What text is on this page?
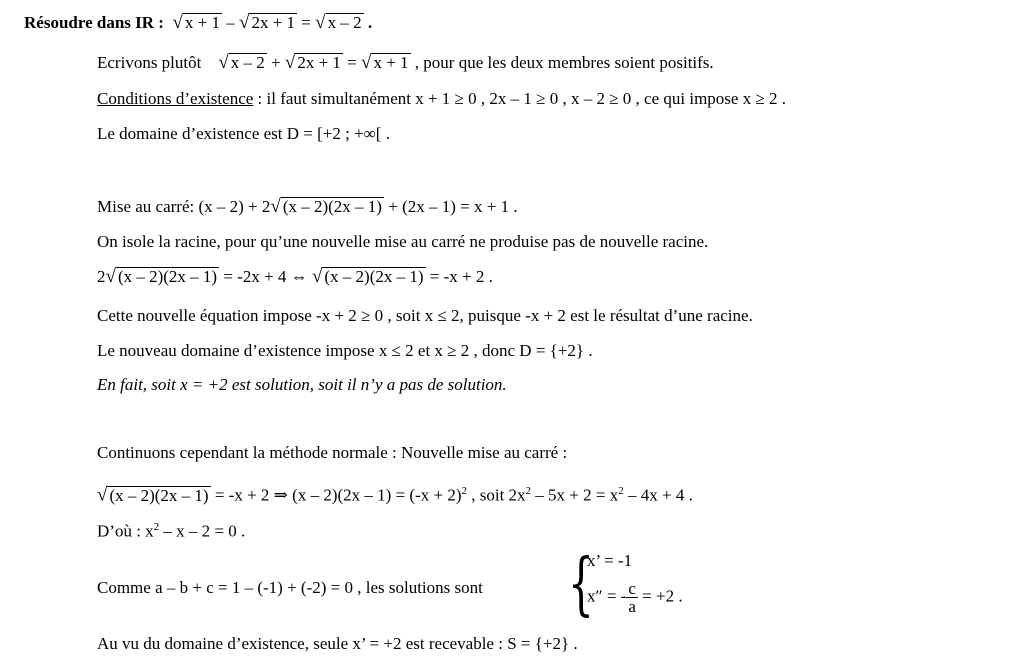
Résoudre dans IR : √ x + 1 – √ 2x + 1 = √ x – 2 .
Ecrivons plutôt √ x – 2 + √ 2x + 1 = √ x + 1 , pour que les deux membres soient positifs.
Conditions d’existence : il faut simultanément x + 1 ≥ 0 , 2x – 1 ≥ 0 , x – 2 ≥ 0 , ce qui impose x ≥ 2 .
Le domaine d’existence est D = [+2 ; +∞[ .
Mise au carré: (x – 2) + 2√ (x – 2)(2x – 1) + (2x – 1) = x + 1 .
On isole la racine, pour qu’une nouvelle mise au carré ne produise pas de nouvelle racine.
2√ (x – 2)(2x – 1) = -2x + 4 ⇔ √ (x – 2)(2x – 1) = -x + 2 .
Cette nouvelle équation impose -x + 2 ≥ 0 , soit x ≤ 2, puisque -x + 2 est le résultat d’une racine.
Le nouveau domaine d’existence impose x ≤ 2 et x ≥ 2 , donc D = {+2} .
En fait, soit x = +2 est solution, soit il n’y a pas de solution.
Continuons cependant la méthode normale : Nouvelle mise au carré :
√ (x – 2)(2x – 1) = -x + 2 ⇒ $(x - 2)(2x - 1) = (-x + 2)^2$ , soit $2x^2 - 5x + 2 = x^2 - 4x + 4$ .
D’où : $x^2 - x - 2 = 0$ .
Comme a – b + c = 1 – (-1) + (-2) = 0 , les solutions sont {
x’ = -1
x″ = - $\frac{c}{a} = +2$ .
Au vu du domaine d’existence, seule x’ = +2 est recevable : S = {+2} .
